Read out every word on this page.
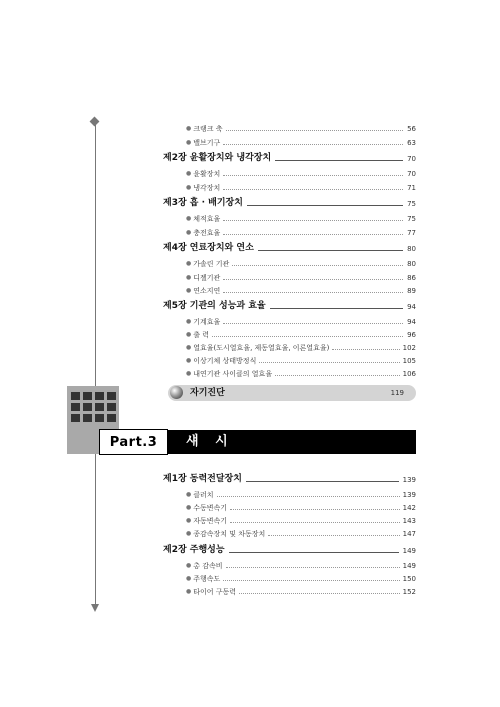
● 크랭크 축	56
● 밸브기구	63
제2장 윤활장치와 냉각장치	70
● 윤활장치	70
● 냉각장치	71
제3장 흡 · 배기장치	75
● 체적효율	75
● 충전효율	77
제4장 연료장치와 연소	80
● 가솔린 기관	80
● 디젤기관	86
● 연소지연	89
제5장 기관의 성능과 효율	94
● 기계효율	94
● 출 력	96
● 열효율(도시열효율, 제동열효율, 이론열효율)	102
● 이상기체 상태방정식	105
● 내연기관 사이클의 열효율	106
자기진단	119
Part.3 섀 시
제1장 동력전달장치	139
● 클러치	139
● 수동변속기	142
● 자동변속기	143
● 종감속장치 및 차동장치	147
제2장 주행성능	149
● 총 감속비	149
● 주행속도	150
● 타이어 구동력	152
